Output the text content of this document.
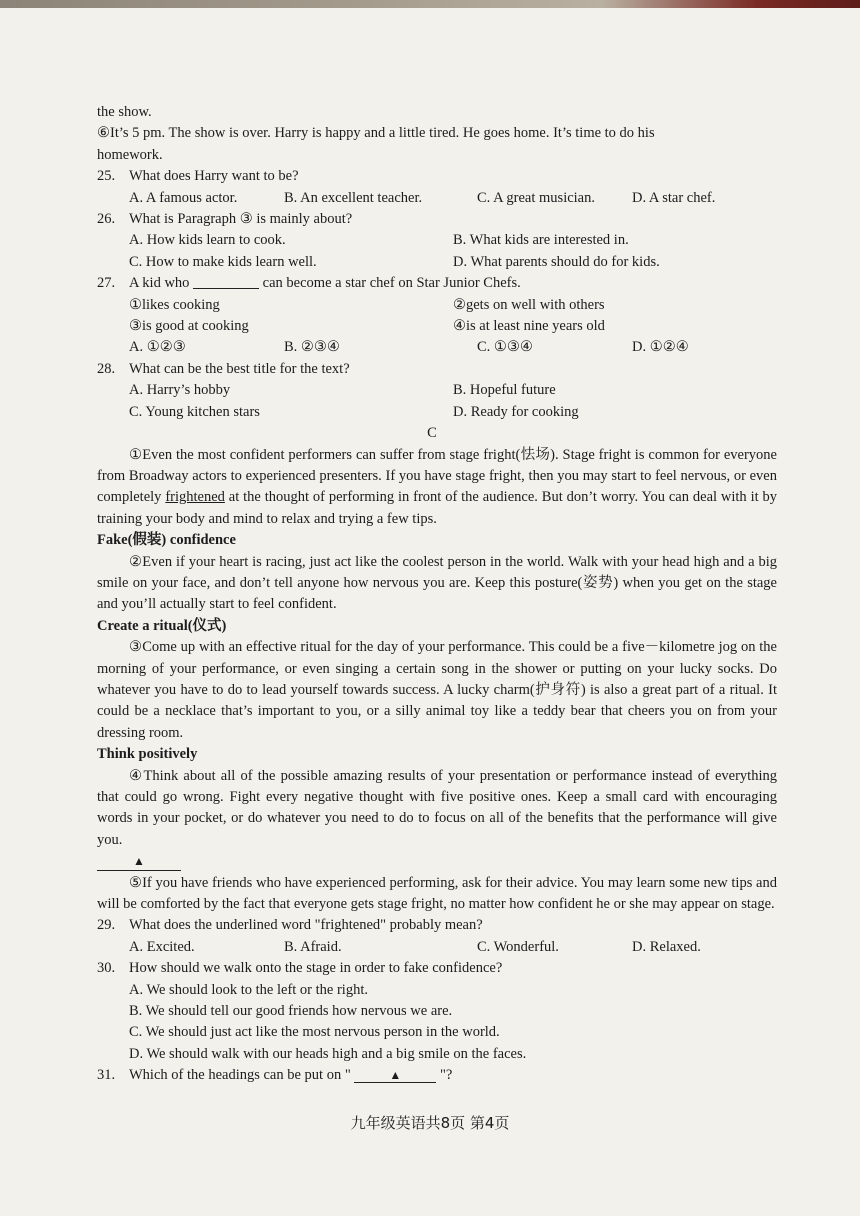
the show.
⑥It’s 5 pm. The show is over. Harry is happy and a little tired. He goes home. It’s time to do his
homework.
25. What does Harry want to be?
A. A famous actor.	B. An excellent teacher.	C. A great musician.	D. A star chef.
26. What is Paragraph ③ is mainly about?
A. How kids learn to cook.	B. What kids are interested in.
C. How to make kids learn well.	D. What parents should do for kids.
27. A kid who	can become a star chef on Star Junior Chefs.
①likes cooking	②gets on well with others
③is good at cooking	④is at least nine years old
A. ①②③	B. ②③④	C. ①③④	D. ①②④
28. What can be the best title for the text?
A. Harry’s hobby	B. Hopeful future
C. Young kitchen stars	D. Ready for cooking
C
①Even the most confident performers can suffer from stage fright(怯场). Stage fright is common for everyone from Broadway actors to experienced presenters. If you have stage fright, then you may start to feel nervous, or even completely frightened at the thought of performing in front of the audience. But don’t worry. You can deal with it by training your body and mind to relax and trying a few tips.
Fake(假装) confidence
②Even if your heart is racing, just act like the coolest person in the world. Walk with your head high and a big smile on your face, and don’t tell anyone how nervous you are. Keep this posture(姿势) when you get on the stage and you’ll actually start to feel confident.
Create a ritual(仪式)
③Come up with an effective ritual for the day of your performance. This could be a five－kilometre jog on the morning of your performance, or even singing a certain song in the shower or putting on your lucky socks. Do whatever you have to do to lead yourself towards success. A lucky charm(护身符) is also a great part of a ritual. It could be a necklace that’s important to you, or a silly animal toy like a teddy bear that cheers you on from your dressing room.
Think positively
④Think about all of the possible amazing results of your presentation or performance instead of everything that could go wrong. Fight every negative thought with five positive ones. Keep a small card with encouraging words in your pocket, or do whatever you need to do to focus on all of the benefits that the performance will give you.
▲
⑤If you have friends who have experienced performing, ask for their advice. You may learn some new tips and will be comforted by the fact that everyone gets stage fright, no matter how confident he or she may appear on stage.
29. What does the underlined word "frightened" probably mean?
A. Excited.	B. Afraid.	C. Wonderful.	D. Relaxed.
30. How should we walk onto the stage in order to fake confidence?
A. We should look to the left or the right.
B. We should tell our good friends how nervous we are.
C. We should just act like the most nervous person in the world.
D. We should walk with our heads high and a big smile on the faces.
31. Which of the headings can be put on "	▲	"?
九年级英语共8页 第4页
